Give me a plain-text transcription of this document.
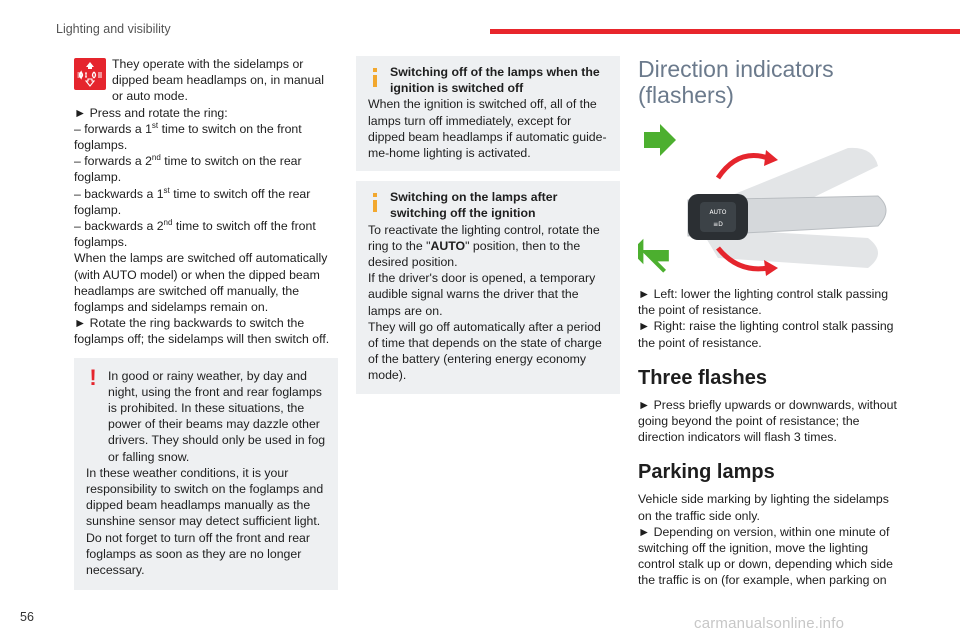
Lighting and visibility

They operate with the sidelamps or dipped beam headlamps on, in manual or auto mode.

► Press and rotate the ring:

– forwards a 1st time to switch on the front foglamps.

– forwards a 2nd time to switch on the rear foglamp.

– backwards a 1st time to switch off the rear foglamp.

– backwards a 2nd time to switch off the front foglamps.

When the lamps are switched off automatically (with AUTO model) or when the dipped beam headlamps are switched off manually, the foglamps and sidelamps remain on.

► Rotate the ring backwards to switch the foglamps off; the sidelamps will then switch off.

! In good or rainy weather, by day and night, using the front and rear foglamps is prohibited. In these situations, the power of their beams may dazzle other drivers. They should only be used in fog or falling snow.

In these weather conditions, it is your responsibility to switch on the foglamps and dipped beam headlamps manually as the sunshine sensor may detect sufficient light.

Do not forget to turn off the front and rear foglamps as soon as they are no longer necessary.

Switching off of the lamps when the ignition is switched off

When the ignition is switched off, all of the lamps turn off immediately, except for dipped beam headlamps if automatic guide-me-home lighting is activated.

Switching on the lamps after switching off the ignition

To reactivate the lighting control, rotate the ring to the "AUTO" position, then to the desired position.

If the driver's door is opened, a temporary audible signal warns the driver that the lamps are on.

They will go off automatically after a period of time that depends on the state of charge of the battery (entering energy economy mode).

Direction indicators
(flashers)
AUTO
≡D

► Left: lower the lighting control stalk passing the point of resistance.

► Right: raise the lighting control stalk passing the point of resistance.

Three flashes

► Press briefly upwards or downwards, without going beyond the point of resistance; the direction indicators will flash 3 times.

Parking lamps

Vehicle side marking by lighting the sidelamps on the traffic side only.

► Depending on version, within one minute of switching off the ignition, move the lighting control stalk up or down, depending which side the traffic is on (for example, when parking on

56	carmanualsonline.info
